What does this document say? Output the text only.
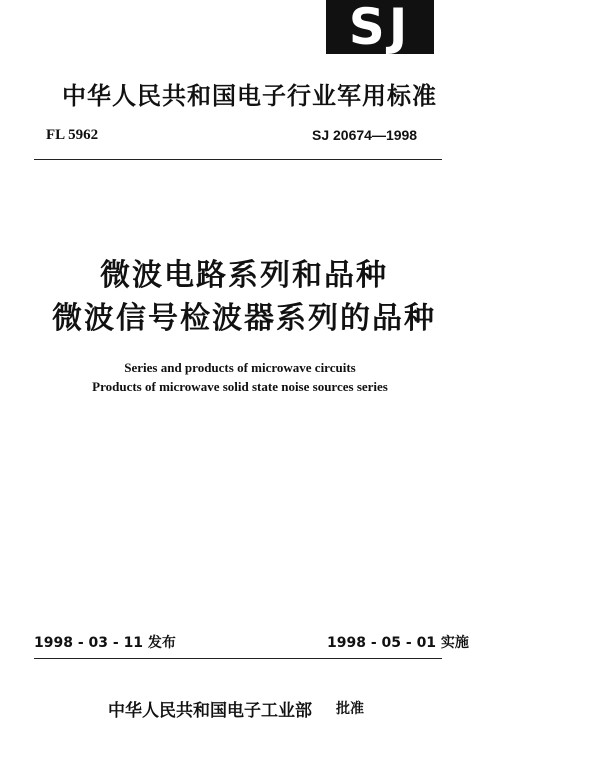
SJ
中华人民共和国电子行业军用标准
FL 5962	SJ 20674—1998
微波电路系列和品种
微波信号检波器系列的品种
Series and products of microwave circuits
Products of microwave solid state noise sources series
1998 - 03 - 11 发布	1998 - 05 - 01 实施
中华人民共和国电子工业部 批准
